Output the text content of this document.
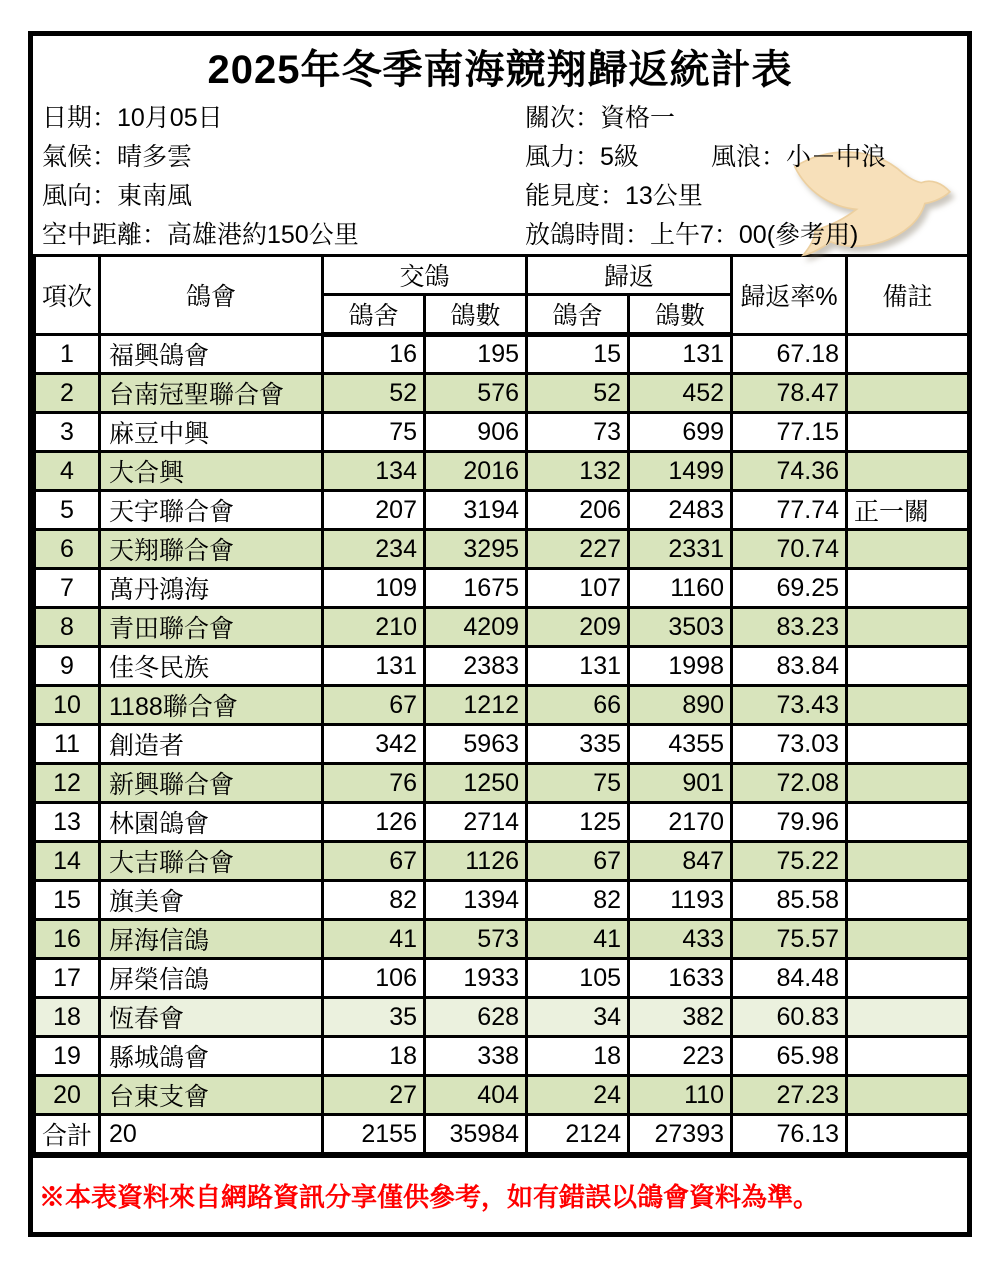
2025年冬季南海競翔歸返統計表
日期：10月05日	關次：資格一
氣候：晴多雲	風力：5級	風浪：小－中浪
風向：東南風	能見度：13公里
空中距離：高雄港約150公里	放鴿時間：上午7：00(參考用)
項次	鴿會	交鴿		歸返		歸返率%	備註
		鴿舍	鴿數	鴿舍	鴿數		
1	福興鴿會	16	195	15	131	67.18	
2	台南冠聖聯合會	52	576	52	452	78.47	
3	麻豆中興	75	906	73	699	77.15	
4	大合興	134	2016	132	1499	74.36	
5	天宇聯合會	207	3194	206	2483	77.74	正一關
6	天翔聯合會	234	3295	227	2331	70.74	
7	萬丹鴻海	109	1675	107	1160	69.25	
8	青田聯合會	210	4209	209	3503	83.23	
9	佳冬民族	131	2383	131	1998	83.84	
10	1188聯合會	67	1212	66	890	73.43	
11	創造者	342	5963	335	4355	73.03	
12	新興聯合會	76	1250	75	901	72.08	
13	林園鴿會	126	2714	125	2170	79.96	
14	大吉聯合會	67	1126	67	847	75.22	
15	旗美會	82	1394	82	1193	85.58	
16	屏海信鴿	41	573	41	433	75.57	
17	屏榮信鴿	106	1933	105	1633	84.48	
18	恆春會	35	628	34	382	60.83	
19	縣城鴿會	18	338	18	223	65.98	
20	台東支會	27	404	24	110	27.23	
合計	20	2155	35984	2124	27393	76.13	
※本表資料來自網路資訊分享僅供參考，如有錯誤以鴿會資料為準。
